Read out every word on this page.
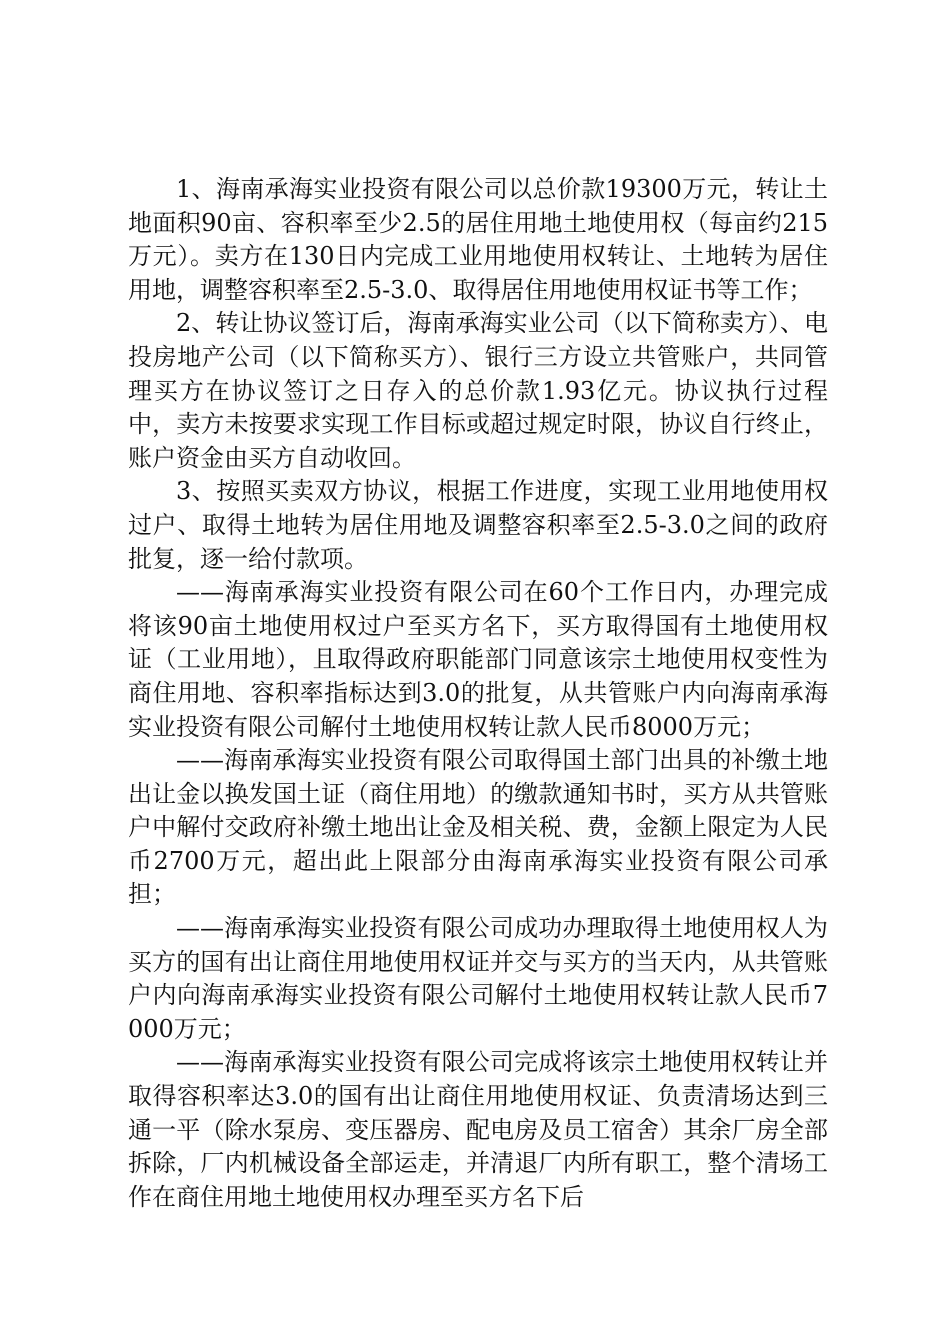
1、海南承海实业投资有限公司以总价款19300万元，转让土地面积90亩、容积率至少2.5的居住用地土地使用权（每亩约215万元）。卖方在130日内完成工业用地使用权转让、土地转为居住用地，调整容积率至2.5-3.0、取得居住用地使用权证书等工作；

2、转让协议签订后，海南承海实业公司（以下简称卖方）、电投房地产公司（以下简称买方）、银行三方设立共管账户，共同管理买方在协议签订之日存入的总价款1.93亿元。协议执行过程中，卖方未按要求实现工作目标或超过规定时限，协议自行终止，账户资金由买方自动收回。

3、按照买卖双方协议，根据工作进度，实现工业用地使用权过户、取得土地转为居住用地及调整容积率至2.5-3.0之间的政府批复，逐一给付款项。

——海南承海实业投资有限公司在60个工作日内，办理完成将该90亩土地使用权过户至买方名下，买方取得国有土地使用权证（工业用地），且取得政府职能部门同意该宗土地使用权变性为商住用地、容积率指标达到3.0的批复，从共管账户内向海南承海实业投资有限公司解付土地使用权转让款人民币8000万元；

——海南承海实业投资有限公司取得国土部门出具的补缴土地出让金以换发国土证（商住用地）的缴款通知书时，买方从共管账户中解付交政府补缴土地出让金及相关税、费，金额上限定为人民币2700万元，超出此上限部分由海南承海实业投资有限公司承担；

——海南承海实业投资有限公司成功办理取得土地使用权人为买方的国有出让商住用地使用权证并交与买方的当天内，从共管账户内向海南承海实业投资有限公司解付土地使用权转让款人民币7000万元；

——海南承海实业投资有限公司完成将该宗土地使用权转让并取得容积率达3.0的国有出让商住用地使用权证、负责清场达到三通一平（除水泵房、变压器房、配电房及员工宿舍）其余厂房全部拆除，厂内机械设备全部运走，并清退厂内所有职工，整个清场工作在商住用地土地使用权办理至买方名下后
